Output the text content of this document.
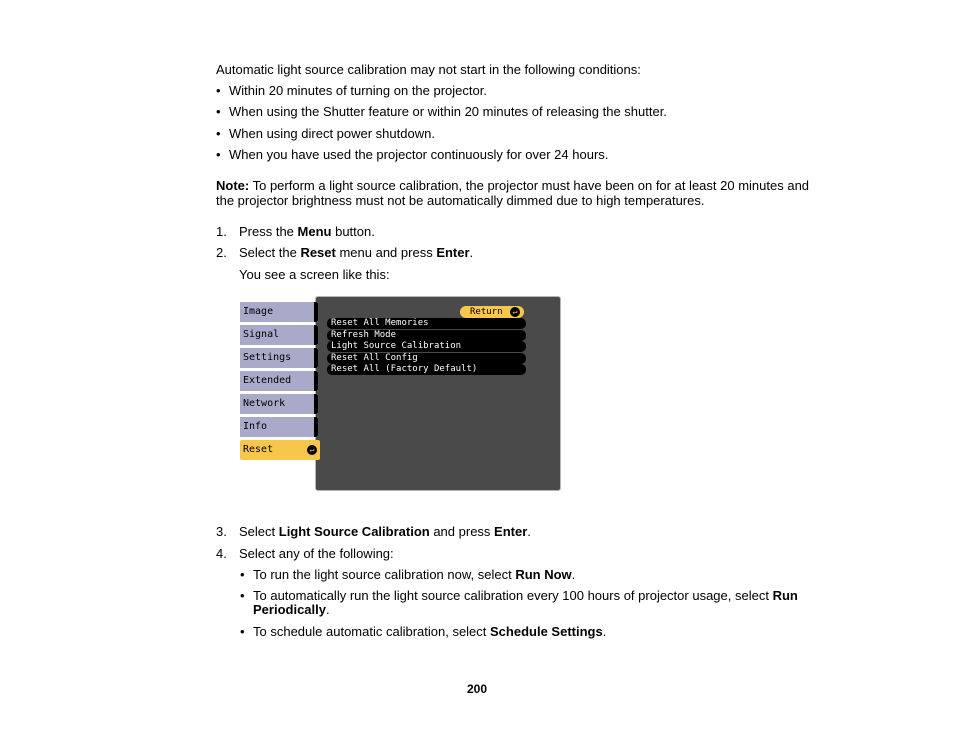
Automatic light source calibration may not start in the following conditions:
• Within 20 minutes of turning on the projector.
• When using the Shutter feature or within 20 minutes of releasing the shutter.
• When using direct power shutdown.
• When you have used the projector continuously for over 24 hours.
Note: To perform a light source calibration, the projector must have been on for at least 20 minutes and
the projector brightness must not be automatically dimmed due to high temperatures.
1. Press the Menu button.
2. Select the Reset menu and press Enter.
You see a screen like this:
Image
Signal
Settings
Extended
Network
Info
Reset	↵
Return	↵
Reset All Memories
Refresh Mode
Light Source Calibration
Reset All Config
Reset All (Factory Default)
3. Select Light Source Calibration and press Enter.
4. Select any of the following:
• To run the light source calibration now, select Run Now.
• To automatically run the light source calibration every 100 hours of projector usage, select Run
Periodically.
• To schedule automatic calibration, select Schedule Settings.
200
